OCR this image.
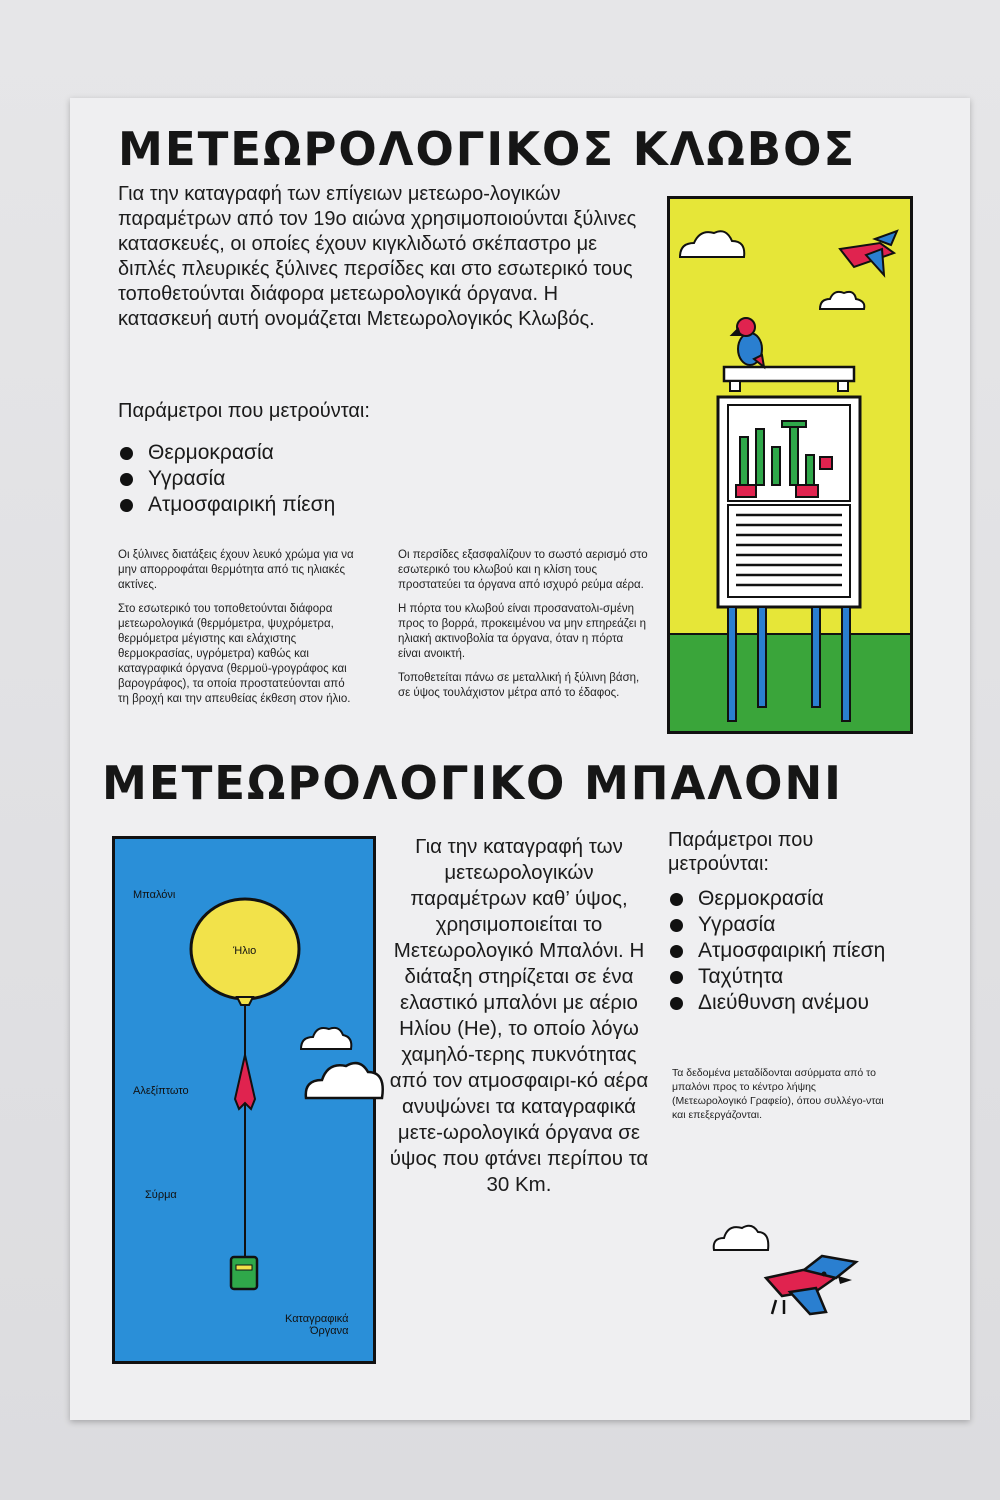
ΜΕΤΕΩΡΟΛΟΓΙΚΟΣ ΚΛΩΒΟΣ

Για την καταγραφή των επίγειων μετεωρο-λογικών παραμέτρων από τον 19ο αιώνα χρησιμοποιούνται ξύλινες κατασκευές, οι οποίες έχουν κιγκλιδωτό σκέπαστρο με διπλές πλευρικές ξύλινες περσίδες και στο εσωτερικό τους τοποθετούνται διάφορα μετεωρολογικά όργανα. Η κατασκευή αυτή ονομάζεται Μετεωρολογικός Κλωβός.

Παράμετροι που μετρούνται:

Θερμοκρασία
Υγρασία
Ατμοσφαιρική πίεση

Οι ξύλινες διατάξεις έχουν λευκό χρώμα για να μην απορροφάται θερμότητα από τις ηλιακές ακτίνες.

Στο εσωτερικό του τοποθετούνται διάφορα μετεωρολογικά (θερμόμετρα, ψυχρόμετρα, θερμόμετρα μέγιστης και ελάχιστης θερμοκρασίας, υγρόμετρα) καθώς και καταγραφικά όργανα (θερμοϋ-γρογράφος και βαρογράφος), τα οποία προστατεύονται από τη βροχή και την απευθείας έκθεση στον ήλιο.

Οι περσίδες εξασφαλίζουν το σωστό αερισμό στο εσωτερικό του κλωβού και η κλίση τους προστατεύει τα όργανα από ισχυρό ρεύμα αέρα.

Η πόρτα του κλωβού είναι προσανατολι-σμένη προς το βορρά, προκειμένου να μην επηρεάζει η ηλιακή ακτινοβολία τα όργανα, όταν η πόρτα είναι ανοικτή.

Τοποθετείται πάνω σε μεταλλική ή ξύλινη βάση, σε ύψος τουλάχιστον μέτρα από το έδαφος.

ΜΕΤΕΩΡΟΛΟΓΙΚΟ ΜΠΑΛΟΝΙ
Μπαλόνι
Ήλιο
Αλεξίπτωτο
Σύρμα
Καταγραφικά
Όργανα

Για την καταγραφή των μετεωρολογικών παραμέτρων καθ’ ύψος, χρησιμοποιείται το Μετεωρολογικό Μπαλόνι. Η διάταξη στηρίζεται σε ένα ελαστικό μπαλόνι με αέριο Ηλίου (He), το οποίο λόγω χαμηλό-τερης πυκνότητας από τον ατμοσφαιρι-κό αέρα ανυψώνει τα καταγραφικά μετε-ωρολογικά όργανα σε ύψος που φτάνει περίπου τα 30 Km.

Παράμετροι που μετρούνται:

Θερμοκρασία
Υγρασία
Ατμοσφαιρική πίεση
Ταχύτητα
Διεύθυνση ανέμου

Τα δεδομένα μεταδίδονται ασύρματα από το μπαλόνι προς το κέντρο λήψης (Μετεωρολογικό Γραφείο), όπου συλλέγο-νται και επεξεργάζονται.
